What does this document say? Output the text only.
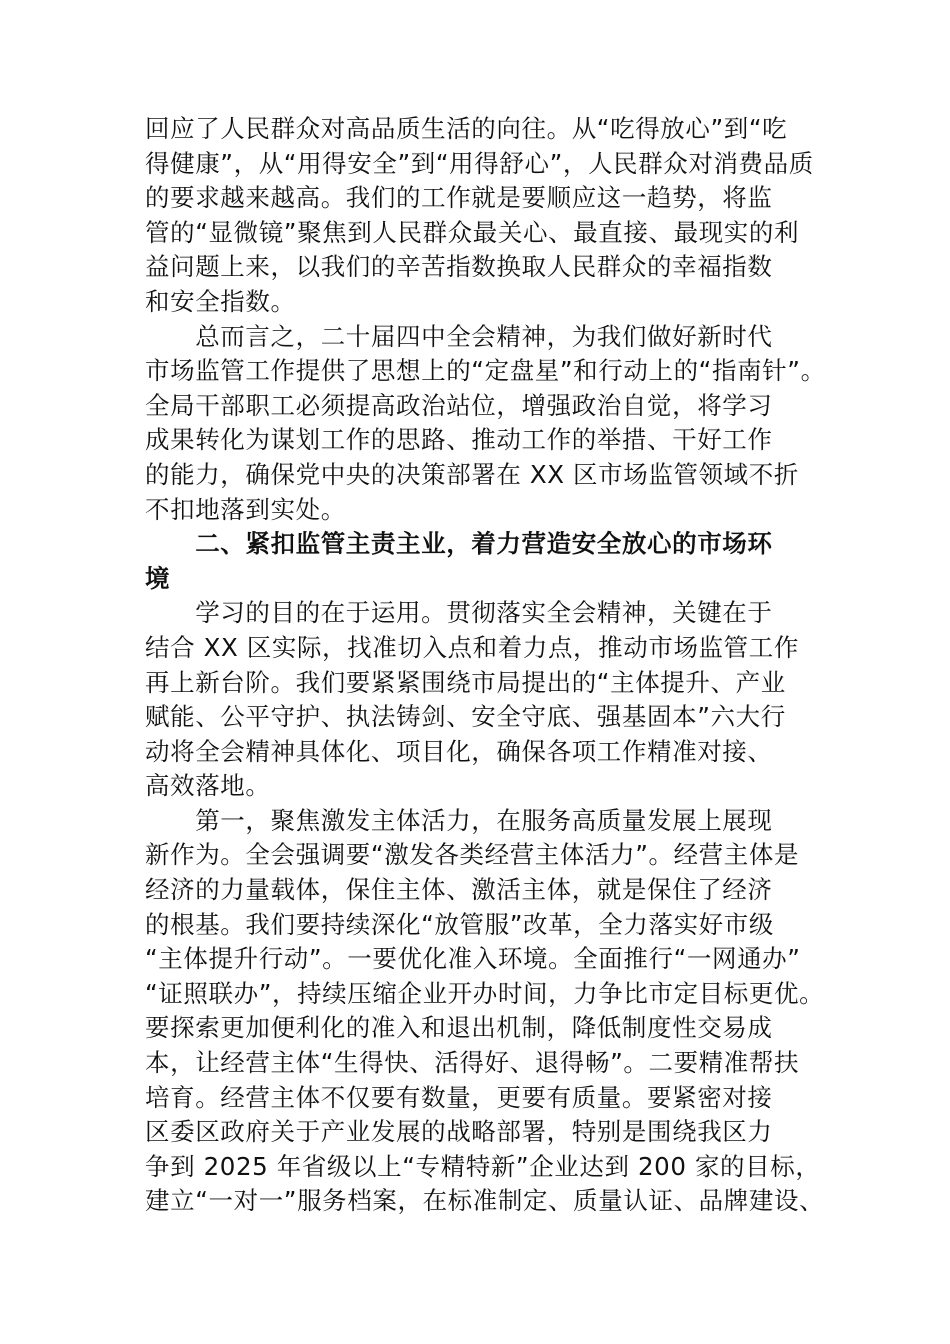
回应了人民群众对高品质生活的向往。从“吃得放心”到“吃
得健康”，从“用得安全”到“用得舒心”，人民群众对消费品质
的要求越来越高。我们的工作就是要顺应这一趋势，将监
管的“显微镜”聚焦到人民群众最关心、最直接、最现实的利
益问题上来，以我们的辛苦指数换取人民群众的幸福指数
和安全指数。
　　总而言之，二十届四中全会精神，为我们做好新时代
市场监管工作提供了思想上的“定盘星”和行动上的“指南针”。
全局干部职工必须提高政治站位，增强政治自觉，将学习
成果转化为谋划工作的思路、推动工作的举措、干好工作
的能力，确保党中央的决策部署在 XX 区市场监管领域不折
不扣地落到实处。
　　二、紧扣监管主责主业，着力营造安全放心的市场环
境
　　学习的目的在于运用。贯彻落实全会精神，关键在于
结合 XX 区实际，找准切入点和着力点，推动市场监管工作
再上新台阶。我们要紧紧围绕市局提出的“主体提升、产业
赋能、公平守护、执法铸剑、安全守底、强基固本”六大行
动将全会精神具体化、项目化，确保各项工作精准对接、
高效落地。
　　第一，聚焦激发主体活力，在服务高质量发展上展现
新作为。全会强调要“激发各类经营主体活力”。经营主体是
经济的力量载体，保住主体、激活主体，就是保住了经济
的根基。我们要持续深化“放管服”改革，全力落实好市级
“主体提升行动”。一要优化准入环境。全面推行“一网通办”
“证照联办”，持续压缩企业开办时间，力争比市定目标更优。
要探索更加便利化的准入和退出机制，降低制度性交易成
本，让经营主体“生得快、活得好、退得畅”。二要精准帮扶
培育。经营主体不仅要有数量，更要有质量。要紧密对接
区委区政府关于产业发展的战略部署，特别是围绕我区力
争到 2025 年省级以上“专精特新”企业达到 200 家的目标，
建立“一对一”服务档案，在标准制定、质量认证、品牌建设、
